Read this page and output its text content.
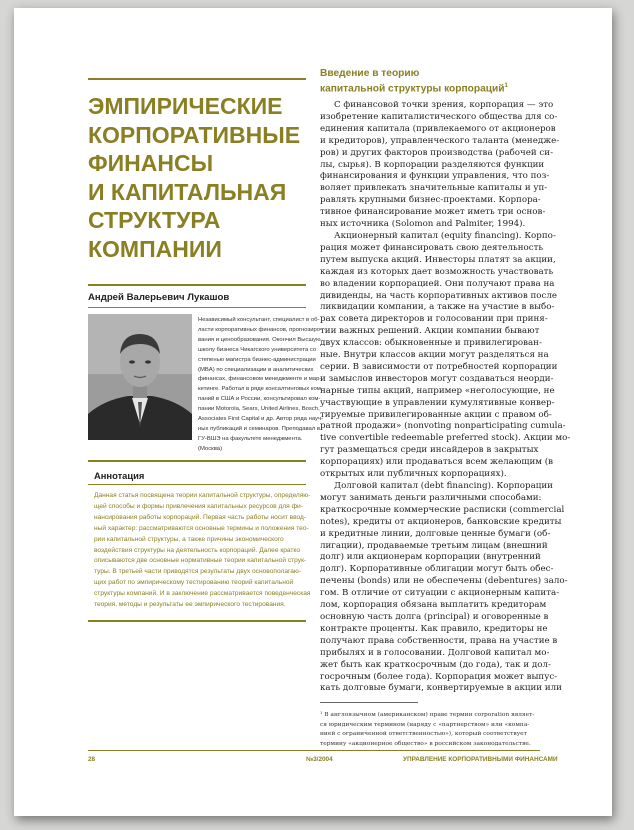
ЭМПИРИЧЕСКИЕ
КОРПОРАТИВНЫЕ
ФИНАНСЫ
И КАПИТАЛЬНАЯ
СТРУКТУРА
КОМПАНИИ
Андрей Валерьевич Лукашов
Независимый консультант, специалист в об-
ласти корпоративных финансов, прогнозиро-
вания и ценообразования. Окончил Высшую
школу бизнеса Чикагского университета со
степенью магистра бизнес-администрации
(MBA) по специализации в аналитических
финансах, финансовом менеджменте и мар-
кетинге. Работал в ряде консалтинговых ком-
паний в США и России, консультировал ком-
пании Motorola, Sears, United Airlines, Bosch,
Associates First Capital и др. Автор ряда науч-
ных публикаций и семинаров. Преподавал в
ГУ-ВШЭ на факультете менеджмента.
(Москва)
Аннотация
Данная статья посвящена теории капитальной структуры, определяю-
щей способы и формы привлечения капитальных ресурсов для фи-
нансирования работы корпораций. Первая часть работы носит ввод-
ный характер: рассматриваются основные термины и положения тео-
рии капитальной структуры, а также причины экономического
воздействия структуры на деятельность корпораций. Далее кратко
описываются две основные нормативные теории капитальной струк-
туры. В третьей части приводятся результаты двух основополагаю-
щих работ по эмпирическому тестированию теорий капитальной
структуры компаний. И в заключение рассматривается поведенческая
теория, методы и результаты ее эмпирического тестирования.
Введение в теорию
капитальной структуры корпораций$^1$
С финансовой точки зрения, корпорация — это
изобретение капиталистического общества для со-
единения капитала (привлекаемого от акционеров
и кредиторов), управленческого таланта (менедже-
ров) и других факторов производства (рабочей си-
лы, сырья). В корпорации разделяются функции
финансирования и функции управления, что поз-
воляет привлекать значительные капиталы и уп-
равлять крупными бизнес-проектами. Корпора-
тивное финансирование может иметь три основ-
ных источника (Solomon and Palmiter, 1994).
Акционерный капитал (equity financing). Корпо-
рация может финансировать свою деятельность
путем выпуска акций. Инвесторы платят за акции,
каждая из которых дает возможность участвовать
во владении корпорацией. Они получают права на
дивиденды, на часть корпоративных активов после
ликвидации компании, а также на участие в выбо-
рах совета директоров и голосовании при приня-
тии важных решений. Акции компании бывают
двух классов: обыкновенные и привилегирован-
ные. Внутри классов акции могут разделяться на
серии. В зависимости от потребностей корпорации
и замыслов инвесторов могут создаваться неорди-
нарные типы акций, например «неголосующие, не
участвующие в управлении кумулятивные конвер-
тируемые привилегированные акции с правом об-
ратной продажи» (nonvoting nonparticipating cumula-
tive convertible redeemable preferred stock). Акции мо-
гут размещаться среди инсайдеров в закрытых
корпорациях) или продаваться всем желающим (в
открытых или публичных корпорациях).
Долговой капитал (debt financing). Корпорации
могут занимать деньги различными способами:
краткосрочные коммерческие расписки (commercial
notes), кредиты от акционеров, банковские кредиты
и кредитные линии, долговые ценные бумаги (об-
лигации), продаваемые третьим лицам (внешний
долг) или акционерам корпорации (внутренний
долг). Корпоративные облигации могут быть обес-
печены (bonds) или не обеспечены (debentures) зало-
гом. В отличие от ситуации с акционерным капита-
лом, корпорация обязана выплатить кредиторам
основную часть долга (principal) и оговоренные в
контракте проценты. Как правило, кредиторы не
получают права собственности, права на участие в
прибылях и в голосовании. Долговой капитал мо-
жет быть как краткосрочным (до года), так и дол-
госрочным (более года). Корпорация может выпус-
кать долговые бумаги, конвертируемые в акции или
¹ В англоязычном (американском) праве термин corporation являет-
ся юридическим термином (наряду с «партнерством» или «компа-
нией с ограниченной ответственностью»), который соответствует
термину «акционерное общество» в российском законодательстве.
28	№3/2004	УПРАВЛЕНИЕ КОРПОРАТИВНЫМИ ФИНАНСАМИ
